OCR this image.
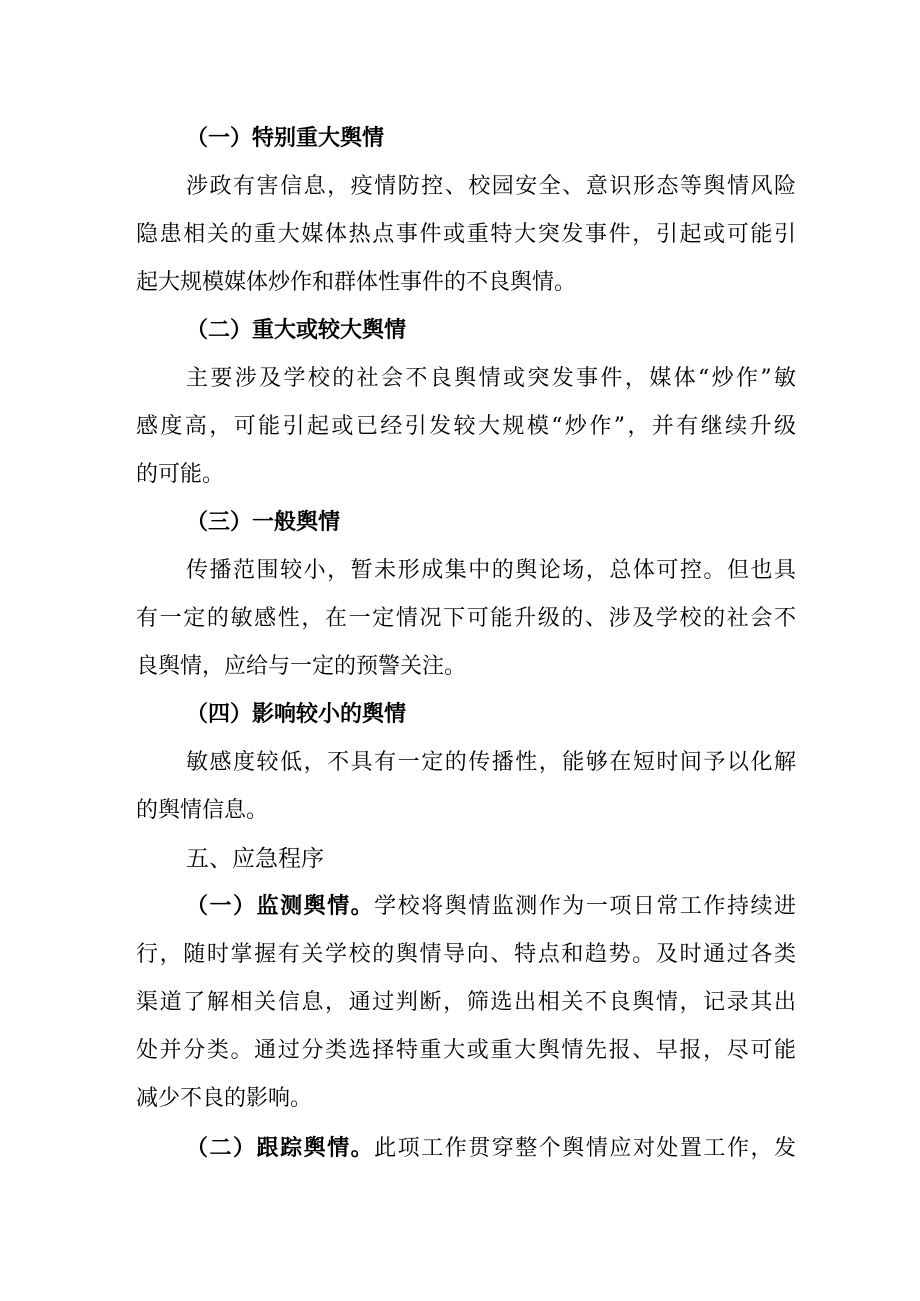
（一）特别重大舆情
涉政有害信息，疫情防控、校园安全、意识形态等舆情风险
隐患相关的重大媒体热点事件或重特大突发事件，引起或可能引
起大规模媒体炒作和群体性事件的不良舆情。
（二）重大或较大舆情
主要涉及学校的社会不良舆情或突发事件，媒体“炒作”敏
感度高，可能引起或已经引发较大规模“炒作”，并有继续升级
的可能。
（三）一般舆情
传播范围较小，暂未形成集中的舆论场，总体可控。但也具
有一定的敏感性，在一定情况下可能升级的、涉及学校的社会不
良舆情，应给与一定的预警关注。
（四）影响较小的舆情
敏感度较低，不具有一定的传播性，能够在短时间予以化解
的舆情信息。
五、应急程序
（一）监测舆情。学校将舆情监测作为一项日常工作持续进
行，随时掌握有关学校的舆情导向、特点和趋势。及时通过各类
渠道了解相关信息，通过判断，筛选出相关不良舆情，记录其出
处并分类。通过分类选择特重大或重大舆情先报、早报，尽可能
减少不良的影响。
（二）跟踪舆情。此项工作贯穿整个舆情应对处置工作，发
